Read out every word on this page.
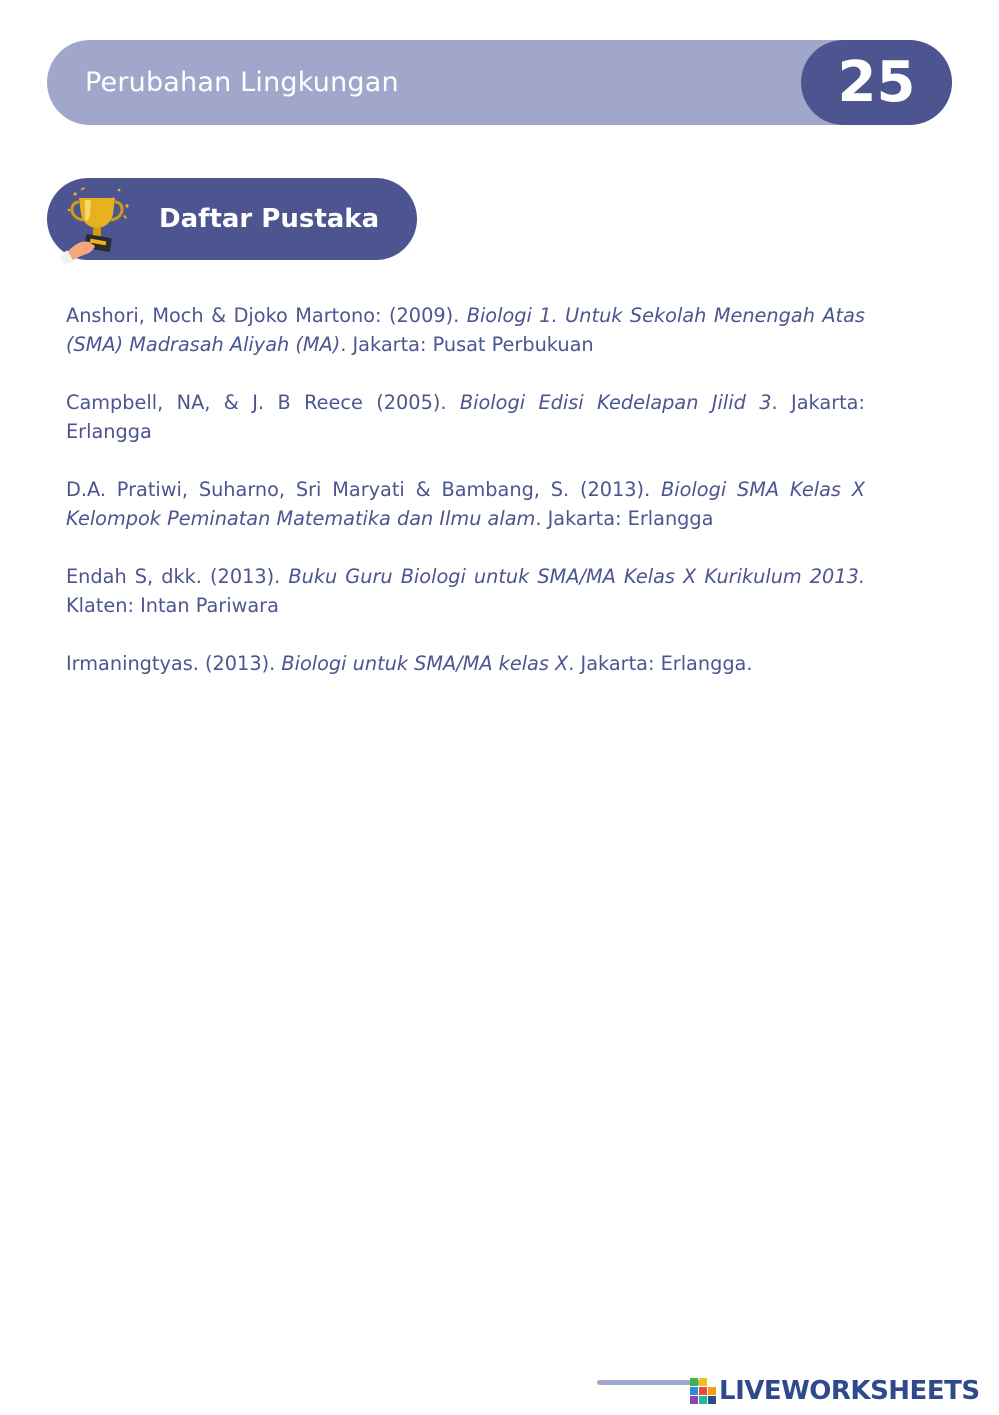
Perubahan Lingkungan	25
Daftar Pustaka

Anshori, Moch & Djoko Martono: (2009). Biologi 1. Untuk Sekolah Menengah Atas (SMA) Madrasah Aliyah (MA). Jakarta: Pusat Perbukuan

Campbell, NA, & J. B Reece (2005). Biologi Edisi Kedelapan Jilid 3. Jakarta: Erlangga

D.A. Pratiwi, Suharno, Sri Maryati & Bambang, S. (2013). Biologi SMA Kelas X Kelompok Peminatan Matematika dan Ilmu alam. Jakarta: Erlangga

Endah S, dkk. (2013). Buku Guru Biologi untuk SMA/MA Kelas X Kurikulum 2013. Klaten: Intan Pariwara

Irmaningtyas. (2013). Biologi untuk SMA/MA kelas X. Jakarta: Erlangga.

LIVEWORKSHEETS
